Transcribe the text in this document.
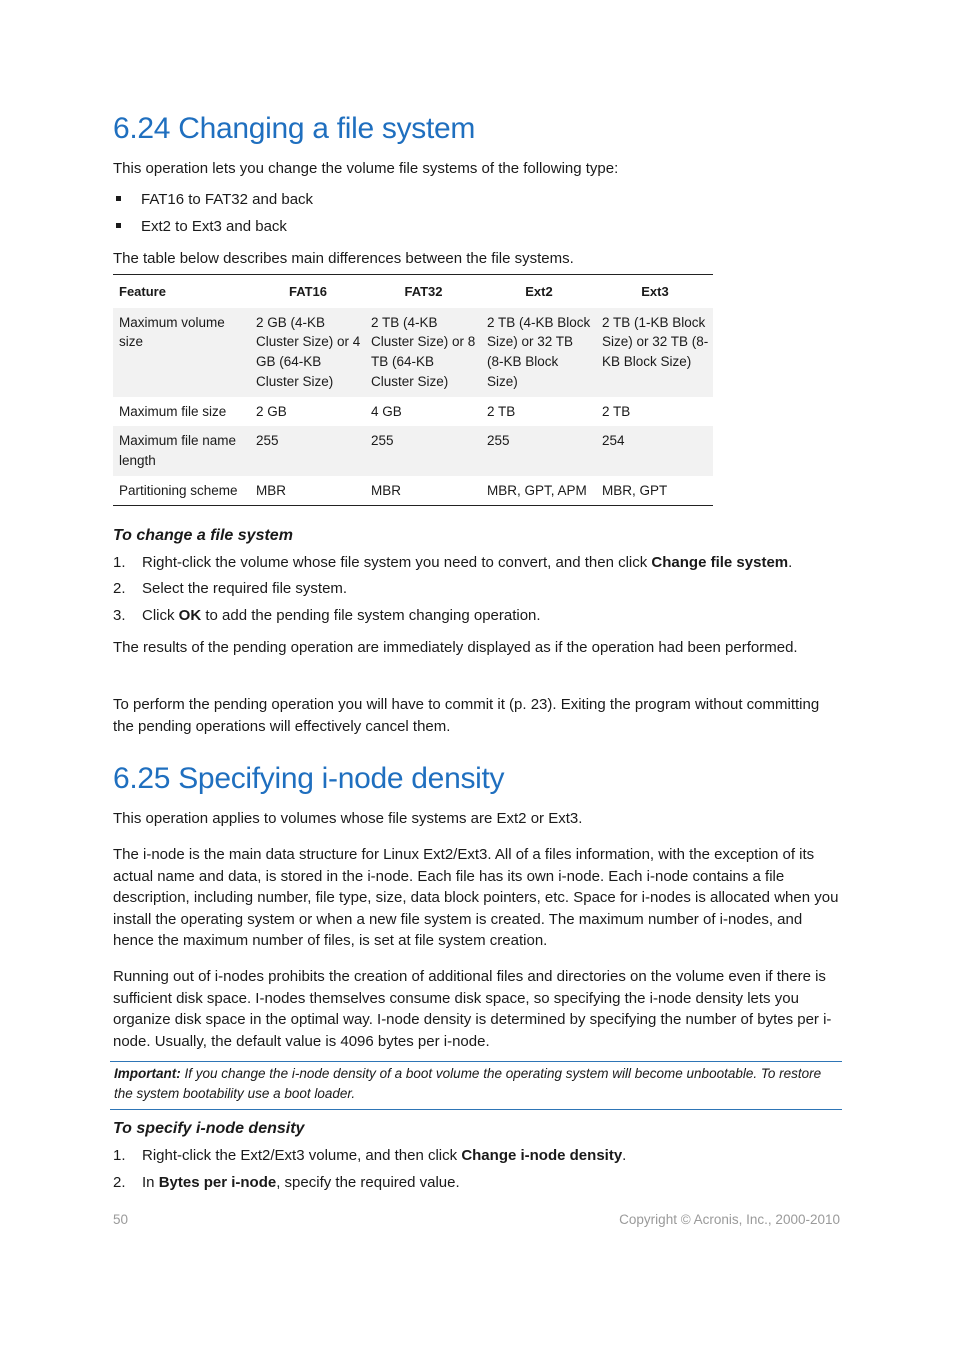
6.24 Changing a file system
This operation lets you change the volume file systems of the following type:
FAT16 to FAT32 and back
Ext2 to Ext3 and back
The table below describes main differences between the file systems.
Feature	FAT16	FAT32	Ext2	Ext3
Maximum volume size	2 GB (4-KB Cluster Size) or 4 GB (64-KB Cluster Size)	2 TB (4-KB Cluster Size) or 8 TB (64-KB Cluster Size)	2 TB (4-KB Block Size) or 32 TB (8-KB Block Size)	2 TB (1-KB Block Size) or 32 TB (8-KB Block Size)
Maximum file size	2 GB	4 GB	2 TB	2 TB
Maximum file name length	255	255	255	254
Partitioning scheme	MBR	MBR	MBR, GPT, APM	MBR, GPT
To change a file system
1. Right-click the volume whose file system you need to convert, and then click Change file system.
2. Select the required file system.
3. Click OK to add the pending file system changing operation.
The results of the pending operation are immediately displayed as if the operation had been performed.
To perform the pending operation you will have to commit it (p. 23). Exiting the program without committing the pending operations will effectively cancel them.
6.25 Specifying i-node density
This operation applies to volumes whose file systems are Ext2 or Ext3.
The i-node is the main data structure for Linux Ext2/Ext3. All of a files information, with the exception of its actual name and data, is stored in the i-node. Each file has its own i-node. Each i-node contains a file description, including number, file type, size, data block pointers, etc. Space for i-nodes is allocated when you install the operating system or when a new file system is created. The maximum number of i-nodes, and hence the maximum number of files, is set at file system creation.
Running out of i-nodes prohibits the creation of additional files and directories on the volume even if there is sufficient disk space. I-nodes themselves consume disk space, so specifying the i-node density lets you organize disk space in the optimal way. I-node density is determined by specifying the number of bytes per i-node. Usually, the default value is 4096 bytes per i-node.
Important: If you change the i-node density of a boot volume the operating system will become unbootable. To restore the system bootability use a boot loader.
To specify i-node density
1. Right-click the Ext2/Ext3 volume, and then click Change i-node density.
2. In Bytes per i-node, specify the required value.
50	Copyright © Acronis, Inc., 2000-2010
